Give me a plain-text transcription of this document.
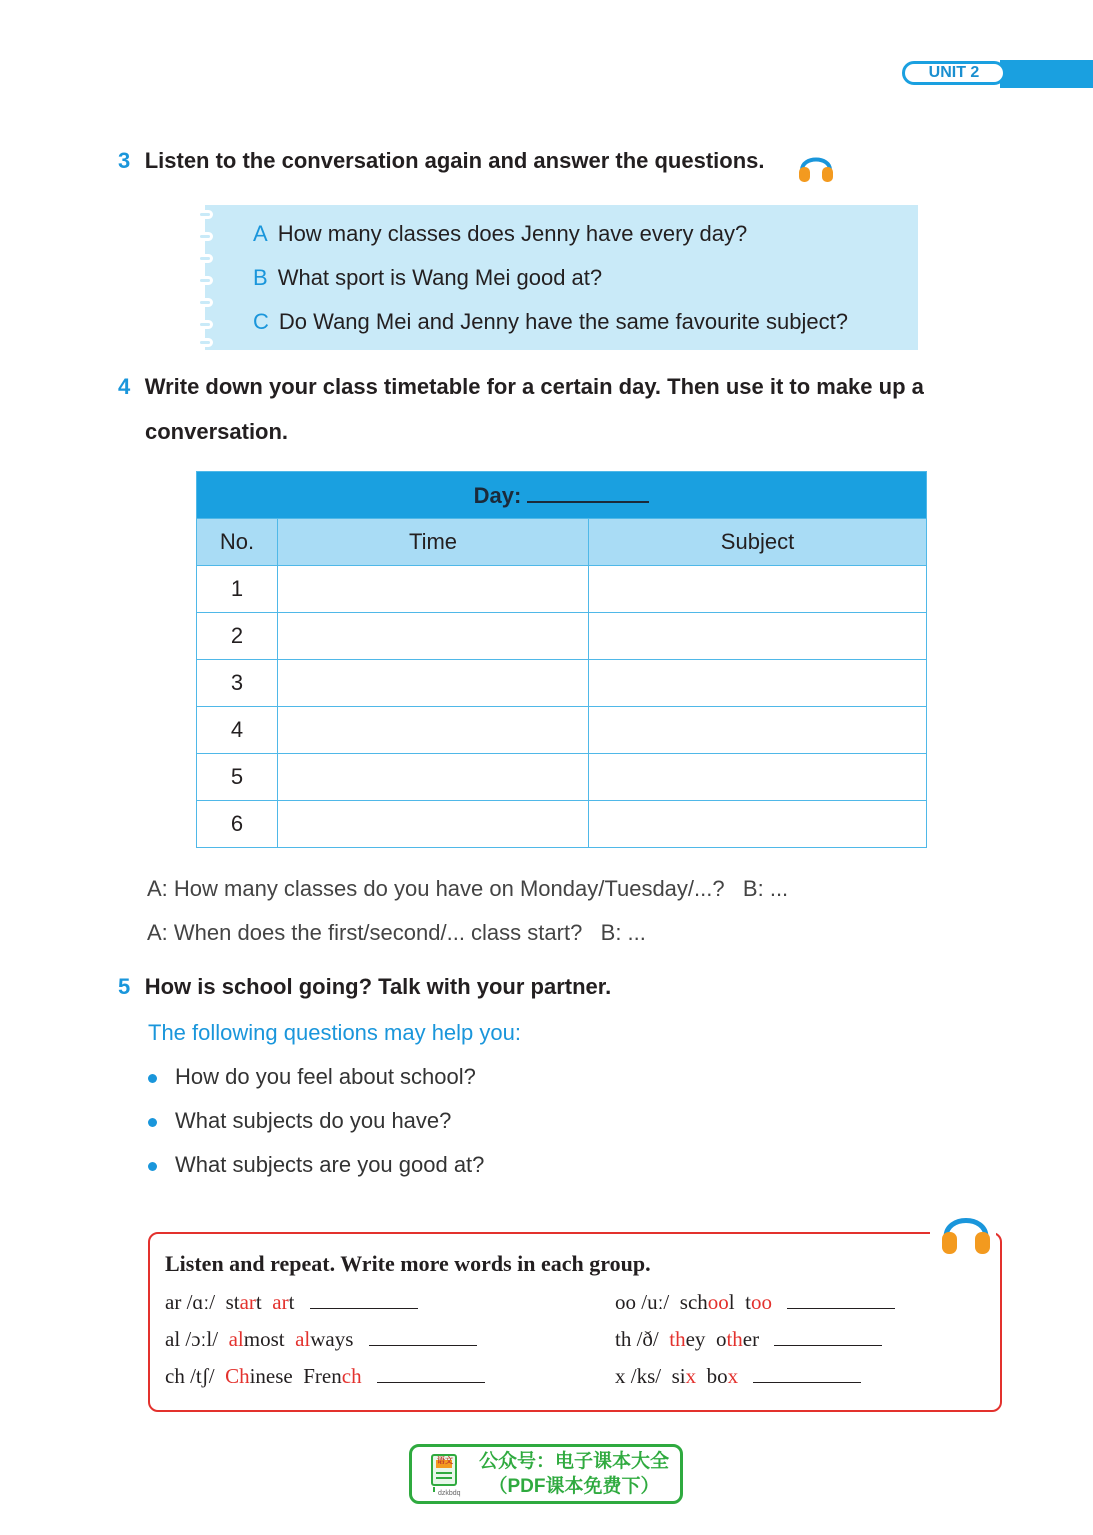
UNIT 2
3 Listen to the conversation again and answer the questions.
A How many classes does Jenny have every day?
B What sport is Wang Mei good at?
C Do Wang Mei and Jenny have the same favourite subject?
4 Write down your class timetable for a certain day. Then use it to make up a
conversation.
Day:		
No.	Time	Subject
1		
2		
3		
4		
5		
6		
A: How many classes do you have on Monday/Tuesday/...?   B: ...
A: When does the first/second/... class start?   B: ...
5 How is school going? Talk with your partner.
The following questions may help you:
How do you feel about school?
What subjects do you have?
What subjects are you good at?
Listen and repeat. Write more words in each group.
ar /ɑː/ start art
al /ɔːl/ almost always
ch /tʃ/ Chinese French
oo /uː/ school too
th /ð/ they other
x /ks/ six box
语文
dzkbdq
公众号：电子课本大全
（PDF课本免费下）
